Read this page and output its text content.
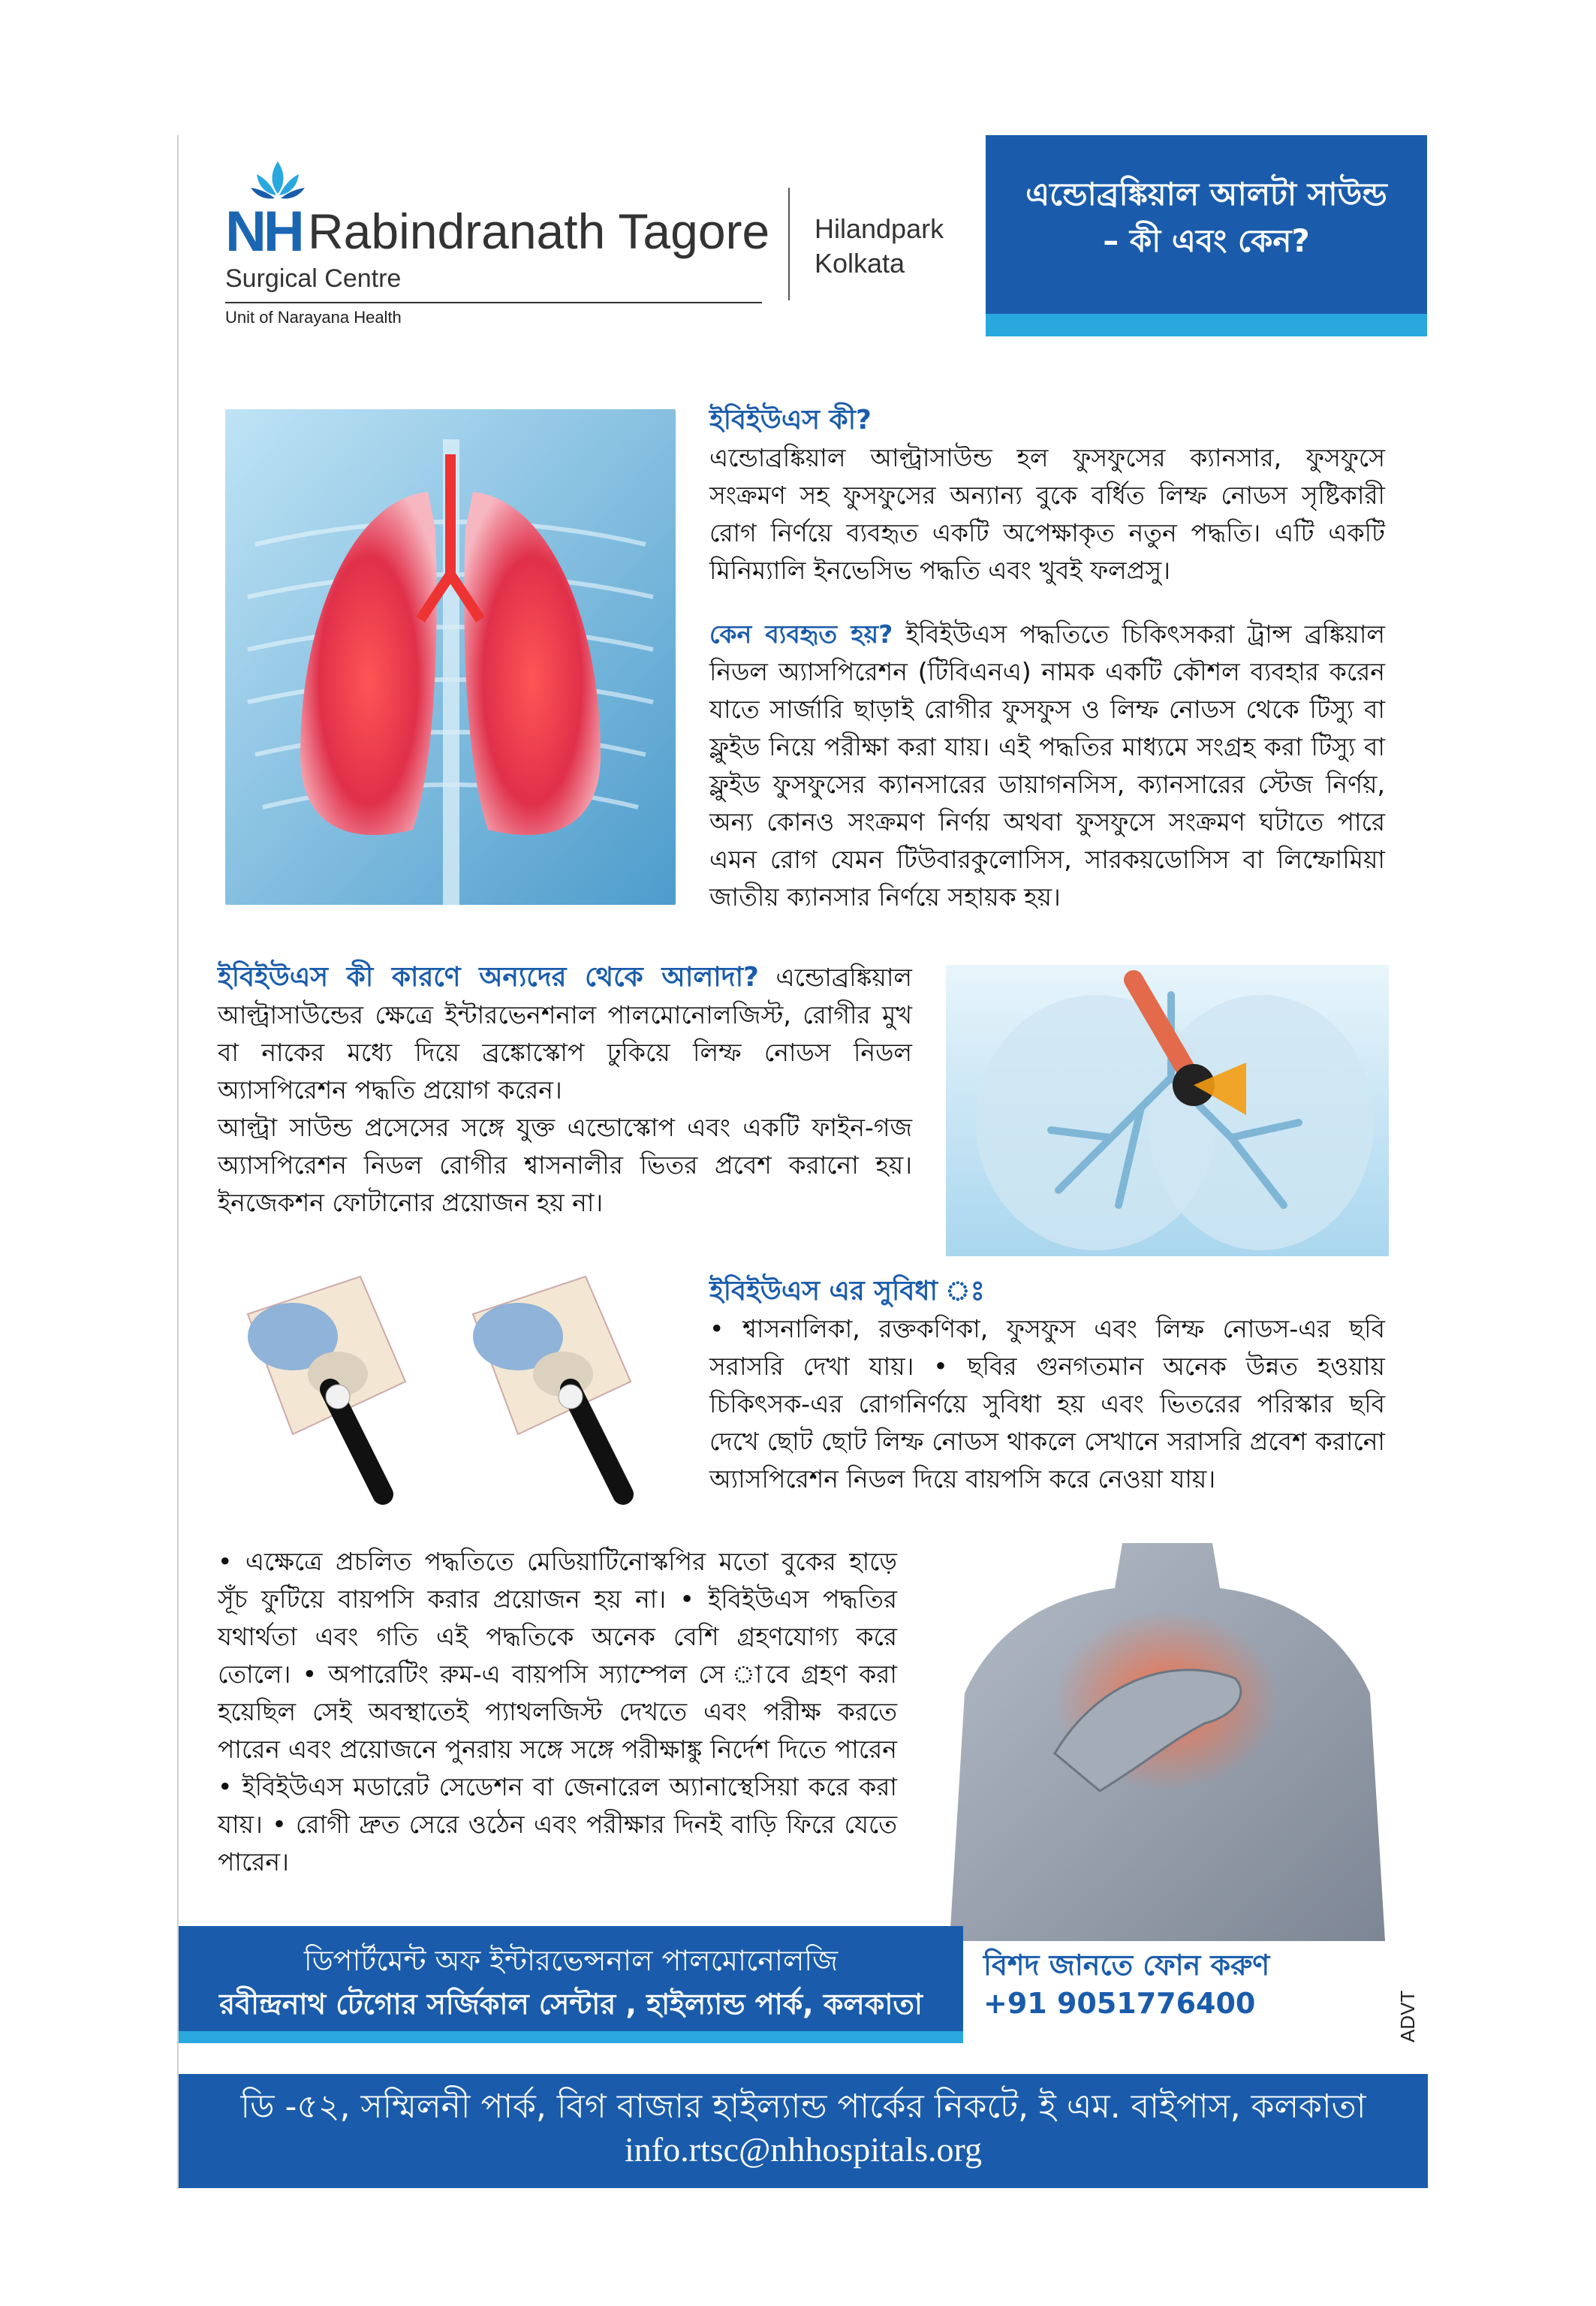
NH Rabindranath Tagore
Surgical Centre
Unit of Narayana Health
Hilandpark
Kolkata
এন্ডোব্রঙ্কিয়াল আলটা সাউন্ড
– কী এবং কেন?
ইবিইউএস কী?
এন্ডোব্রঙ্কিয়াল আল্ট্রাসাউন্ড হল ফুসফুসের ক্যানসার, ফুসফুসে সংক্রমণ সহ ফুসফুসের অন্যান্য বুকে বর্ধিত লিম্ফ নোডস সৃষ্টিকারী রোগ নির্ণয়ে ব্যবহৃত একটি অপেক্ষাকৃত নতুন পদ্ধতি। এটি একটি মিনিম্যালি ইনভেসিভ পদ্ধতি এবং খুবই ফলপ্রসু।
কেন ব্যবহৃত হয়? ইবিইউএস পদ্ধতিতে চিকিৎসকরা ট্রান্স ব্রঙ্কিয়াল নিডল অ্যাসপিরেশন (টিবিএনএ) নামক একটি কৌশল ব্যবহার করেন যাতে সার্জারি ছাড়াই রোগীর ফুসফুস ও লিম্ফ নোডস থেকে টিস্যু বা ফ্লুইড নিয়ে পরীক্ষা করা যায়। এই পদ্ধতির মাধ্যমে সংগ্রহ করা টিস্যু বা ফ্লুইড ফুসফুসের ক্যানসারের ডায়াগনসিস, ক্যানসারের স্টেজ নির্ণয়, অন্য কোনও সংক্রমণ নির্ণয় অথবা ফুসফুসে সংক্রমণ ঘটাতে পারে এমন রোগ যেমন টিউবারকুলোসিস, সারকয়ডোসিস বা লিম্ফোমিয়া জাতীয় ক্যানসার নির্ণয়ে সহায়ক হয়।
ইবিইউএস কী কারণে অন্যদের থেকে আলাদা? এন্ডোব্রঙ্কিয়াল আল্ট্রাসাউন্ডের ক্ষেত্রে ইন্টারভেনশনাল পালমোনোলজিস্ট, রোগীর মুখ বা নাকের মধ্যে দিয়ে ব্রঙ্কোস্কোপ ঢুকিয়ে লিম্ফ নোডস নিডল অ্যাসপিরেশন পদ্ধতি প্রয়োগ করেন।
আল্ট্রা সাউন্ড প্রসেসের সঙ্গে যুক্ত এন্ডোস্কোপ এবং একটি ফাইন-গজ অ্যাসপিরেশন নিডল রোগীর শ্বাসনালীর ভিতর প্রবেশ করানো হয়। ইনজেকশন ফোটানোর প্রয়োজন হয় না।
ইবিইউএস এর সুবিধা ঃ
• শ্বাসনালিকা, রক্তকণিকা, ফুসফুস এবং লিম্ফ নোডস-এর ছবি সরাসরি দেখা যায়। • ছবির গুনগতমান অনেক উন্নত হওয়ায় চিকিৎসক-এর রোগনির্ণয়ে সুবিধা হয় এবং ভিতরের পরিস্কার ছবি দেখে ছোট ছোট লিম্ফ নোডস থাকলে সেখানে সরাসরি প্রবেশ করানো অ্যাসপিরেশন নিডল দিয়ে বায়পসি করে নেওয়া যায়।
• এক্ষেত্রে প্রচলিত পদ্ধতিতে মেডিয়াটিনোস্কপির মতো বুকের হাড়ে সূঁচ ফুটিয়ে বায়পসি করার প্রয়োজন হয় না। • ইবিইউএস পদ্ধতির যথার্থতা এবং গতি এই পদ্ধতিকে অনেক বেশি গ্রহণযোগ্য করে তোলে। • অপারেটিং রুম-এ বায়পসি স্যাম্পেল সে াবে গ্রহণ করা হয়েছিল সেই অবস্থাতেই প্যাথলজিস্ট দেখতে এবং পরীক্ষ করতে পারেন এবং প্রয়োজনে পুনরায় সঙ্গে সঙ্গে পরীক্ষাঙ্কু নির্দেশ দিতে পারেন • ইবিইউএস মডারেট সেডেশন বা জেনারেল অ্যানাস্থেসিয়া করে করা যায়। • রোগী দ্রুত সেরে ওঠেন এবং পরীক্ষার দিনই বাড়ি ফিরে যেতে পারেন।
ডিপার্টমেন্ট অফ ইন্টারভেন্সনাল পালমোনোলজি
রবীন্দ্রনাথ টেগোর সর্জিকাল সেন্টার , হাইল্যান্ড পার্ক, কলকাতা
বিশদ জানতে ফোন করুণ
+91 9051776400	ADVT
ডি -৫২, সম্মিলনী পার্ক, বিগ বাজার হাইল্যান্ড পার্কের নিকটে, ই এম. বাইপাস, কলকাতা
info.rtsc@nhhospitals.org
